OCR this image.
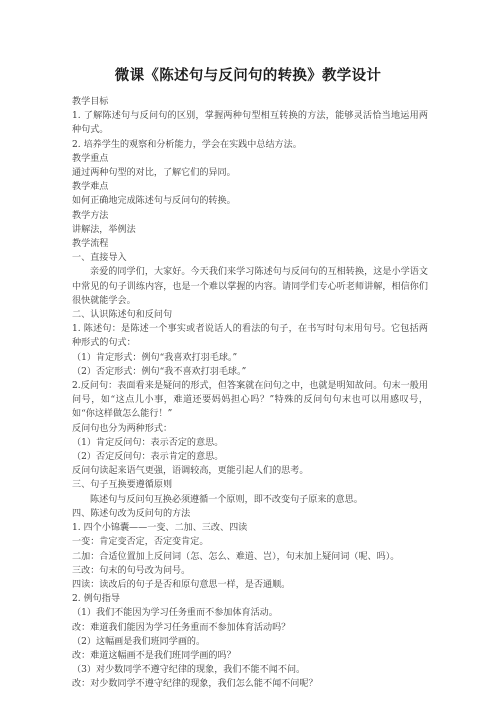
微课《陈述句与反问句的转换》教学设计

教学目标

1. 了解陈述句与反问句的区别，掌握两种句型相互转换的方法，能够灵活恰当地运用两种句式。

2. 培养学生的观察和分析能力，学会在实践中总结方法。

教学重点

通过两种句型的对比，了解它们的异同。

教学难点

如何正确地完成陈述句与反问句的转换。

教学方法

讲解法，举例法

教学流程

一、直接导入

亲爱的同学们，大家好。今天我们来学习陈述句与反问句的互相转换，这是小学语文中常见的句子训练内容，也是一个难以掌握的内容。请同学们专心听老师讲解，相信你们很快就能学会。

二、认识陈述句和反问句

1. 陈述句：是陈述一个事实或者说话人的看法的句子，在书写时句末用句号。它包括两种形式的句式：

（1）肯定形式：例句“我喜欢打羽毛球。”

（2）否定形式：例句“我不喜欢打羽毛球。”

2.反问句：表面看来是疑问的形式，但答案就在问句之中，也就是明知故问。句末一般用问号，如“这点儿小事，难道还要妈妈担心吗？”特殊的反问句句末也可以用感叹号，如“你这样做怎么能行！”

反问句也分为两种形式：

（1）肯定反问句：表示否定的意思。

（2）否定反问句：表示肯定的意思。

反问句读起来语气更强，语调较高，更能引起人们的思考。

三、句子互换要遵循原则

陈述句与反问句互换必须遵循一个原则，即不改变句子原来的意思。

四、陈述句改为反问句的方法

1. 四个小锦囊——一变、二加、三改、四读

一变：肯定变否定，否定变肯定。

二加：合适位置加上反问词（怎、怎么、难道、岂），句末加上疑问词（呢、吗）。

三改：句末的句号改为问号。

四读：读改后的句子是否和原句意思一样，是否通顺。

2. 例句指导

（1）我们不能因为学习任务重而不参加体育活动。

改：难道我们能因为学习任务重而不参加体育活动吗？

（2）这幅画是我们班同学画的。

改：难道这幅画不是我们班同学画的吗？

（3）对少数同学不遵守纪律的现象，我们不能不闻不问。

改：对少数同学不遵守纪律的现象，我们怎么能不闻不问呢？
